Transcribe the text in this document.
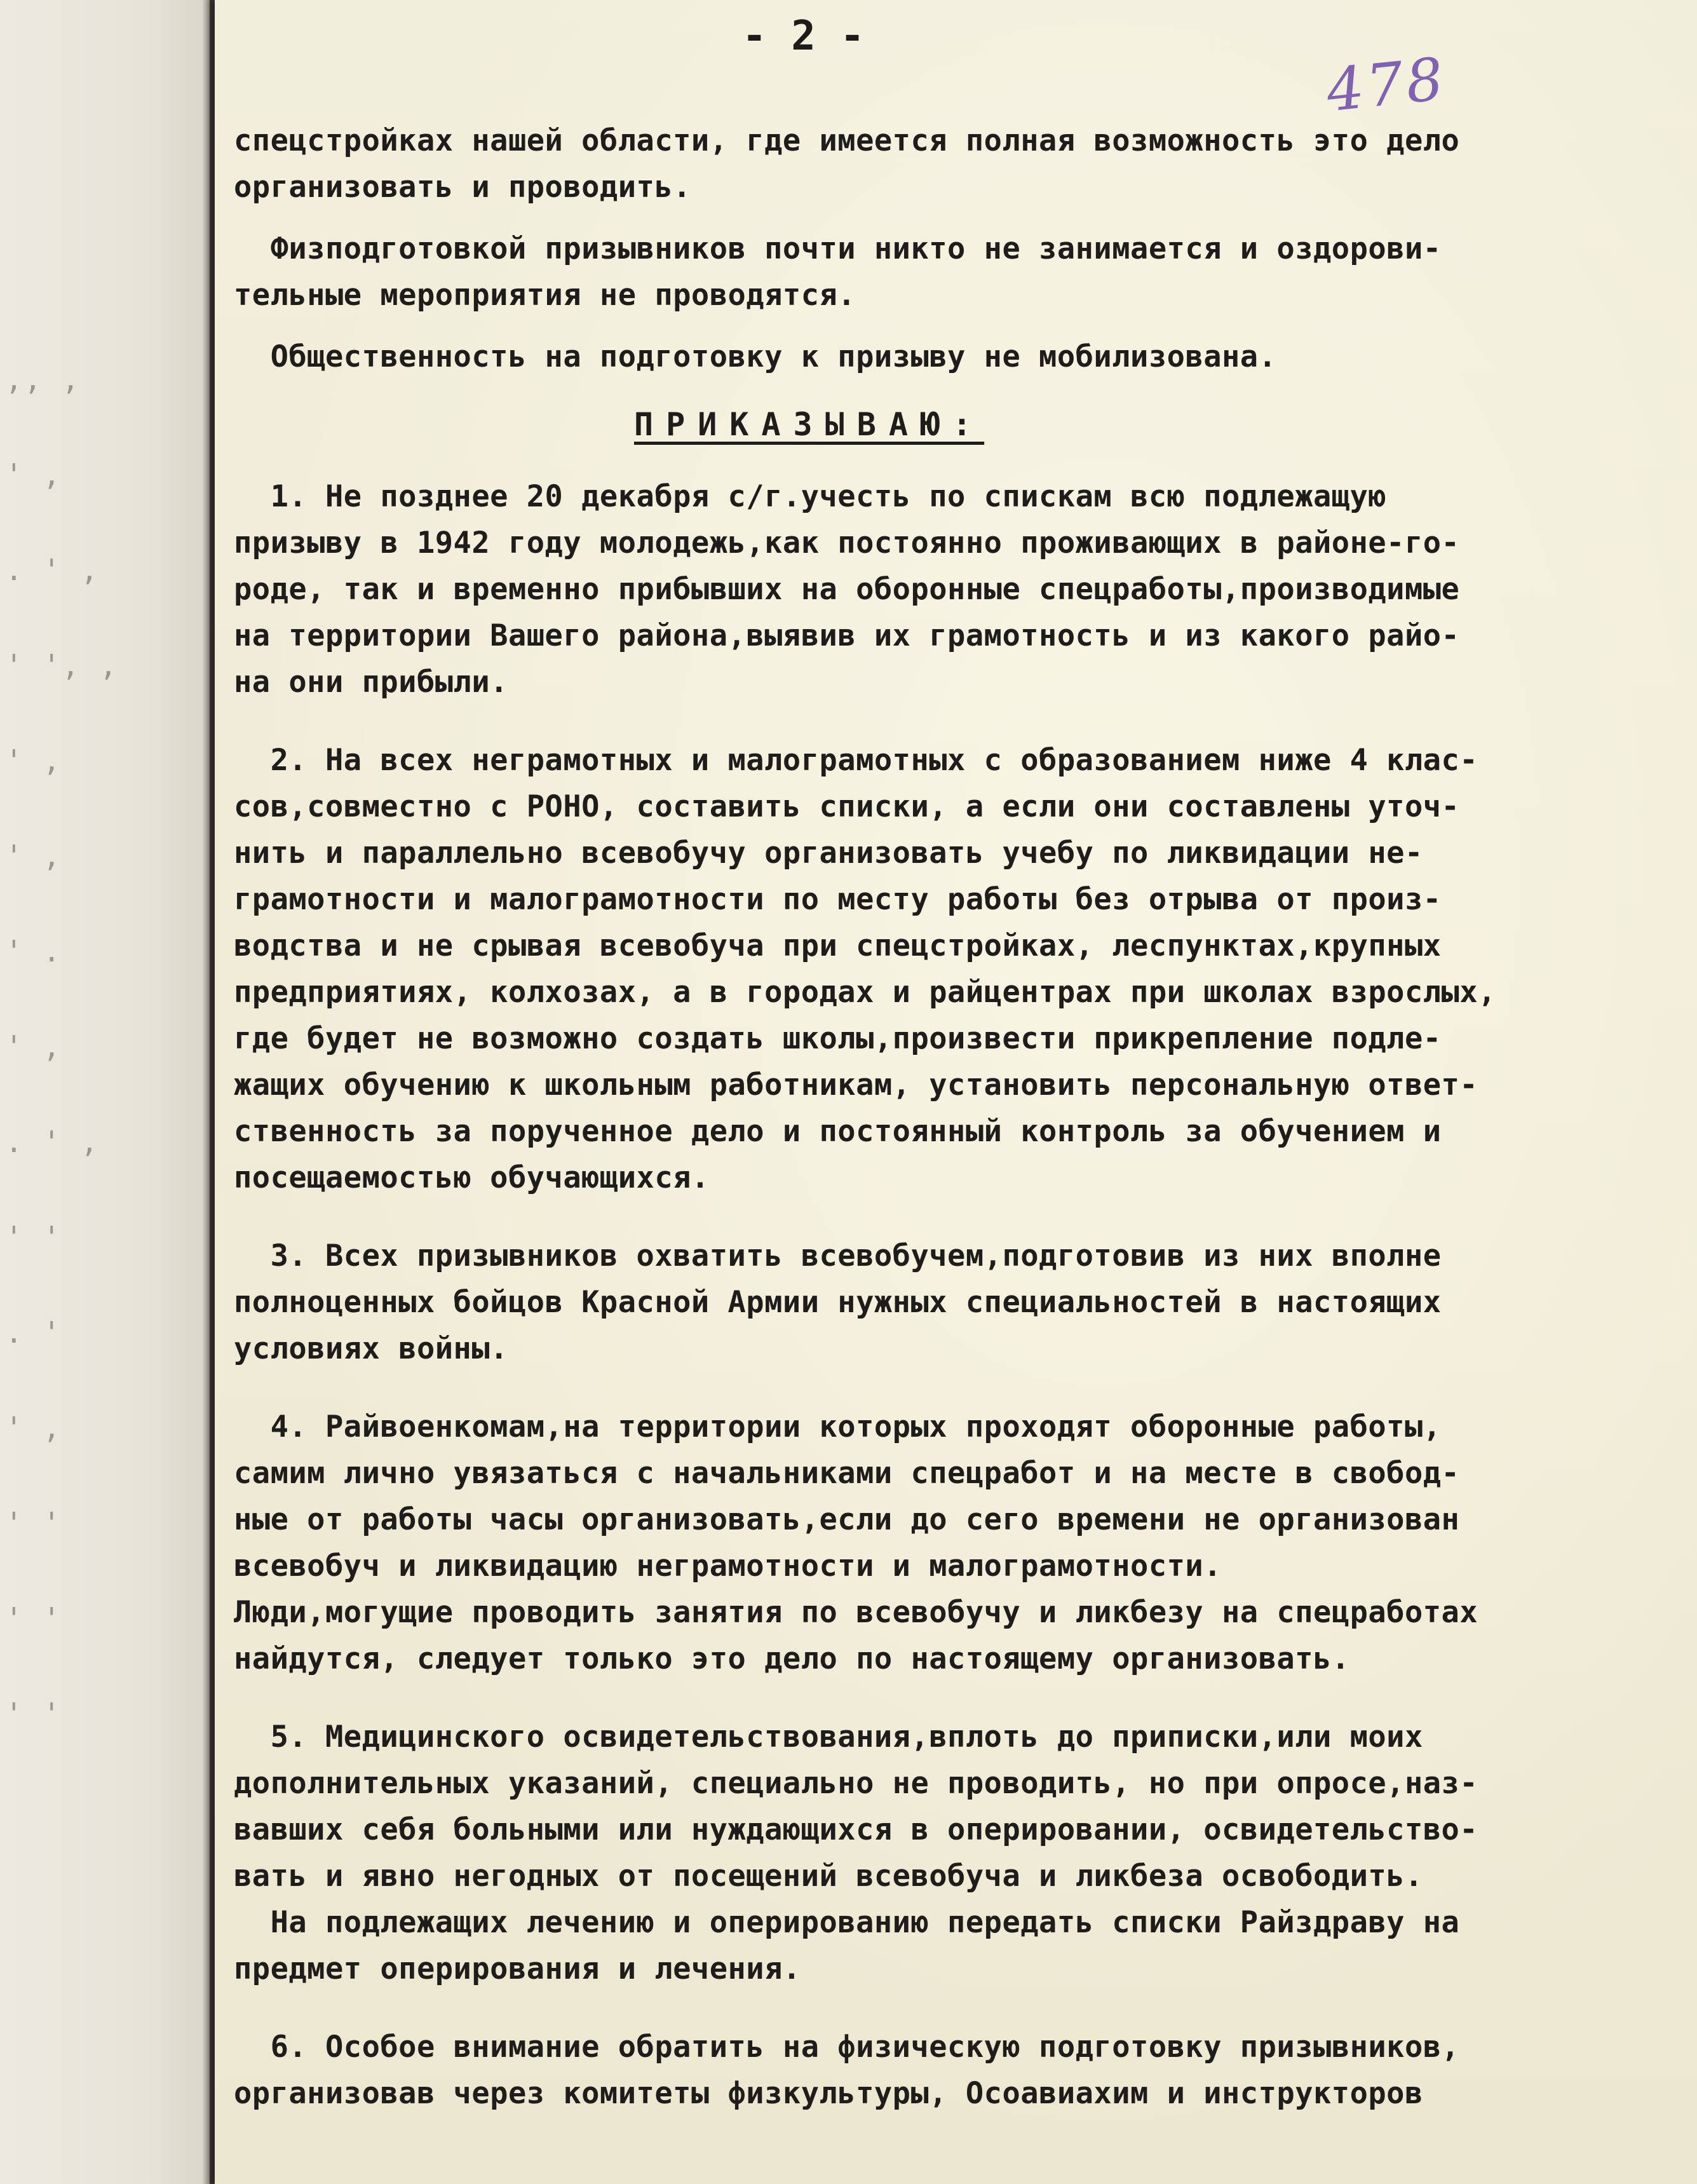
,, ,
' ,
. ' ,
' ', ,
' ,
' ,
' .
' ,
. ' ,
' '
. '
' ,
' '
' '
' '
- 2 -
478
спецстройках нашей области, где имеется полная возможность это дело
организовать и проводить.
Физподготовкой призывников почти никто не занимается и оздорови-
тельные мероприятия не проводятся.
Общественность на подготовку к призыву не мобилизована.
ПРИКАЗЫВАЮ:
1. Не позднее 20 декабря с/г.учесть по спискам всю подлежащую
призыву в 1942 году молодежь,как постоянно проживающих в районе-го-
роде, так и временно прибывших на оборонные спецработы,производимые
на территории Вашего района,выявив их грамотность и из какого райо-
на они прибыли.
2. На всех неграмотных и малограмотных с образованием ниже 4 клас-
сов,совместно с РОНО, составить списки, а если они составлены уточ-
нить и параллельно всевобучу организовать учебу по ликвидации не-
грамотности и малограмотности по месту работы без отрыва от произ-
водства и не срывая всевобуча при спецстройках, леспунктах,крупных
предприятиях, колхозах, а в городах и райцентрах при школах взрослых,
где будет не возможно создать школы,произвести прикрепление подле-
жащих обучению к школьным работникам, установить персональную ответ-
ственность за порученное дело и постоянный контроль за обучением и
посещаемостью обучающихся.
3. Всех призывников охватить всевобучем,подготовив из них вполне
полноценных бойцов Красной Армии нужных специальностей в настоящих
условиях войны.
4. Райвоенкомам,на территории которых проходят оборонные работы,
самим лично увязаться с начальниками спецработ и на месте в свобод-
ные от работы часы организовать,если до сего времени не организован
всевобуч и ликвидацию неграмотности и малограмотности.
Люди,могущие проводить занятия по всевобучу и ликбезу на спецработах
найдутся, следует только это дело по настоящему организовать.
5. Медицинского освидетельствования,вплоть до приписки,или моих
дополнительных указаний, специально не проводить, но при опросе,наз-
вавших себя больными или нуждающихся в оперировании, освидетельство-
вать и явно негодных от посещений всевобуча и ликбеза освободить.
На подлежащих лечению и оперированию передать списки Райздраву на
предмет оперирования и лечения.
6. Особое внимание обратить на физическую подготовку призывников,
организовав через комитеты физкультуры, Осоавиахим и инструкторов
